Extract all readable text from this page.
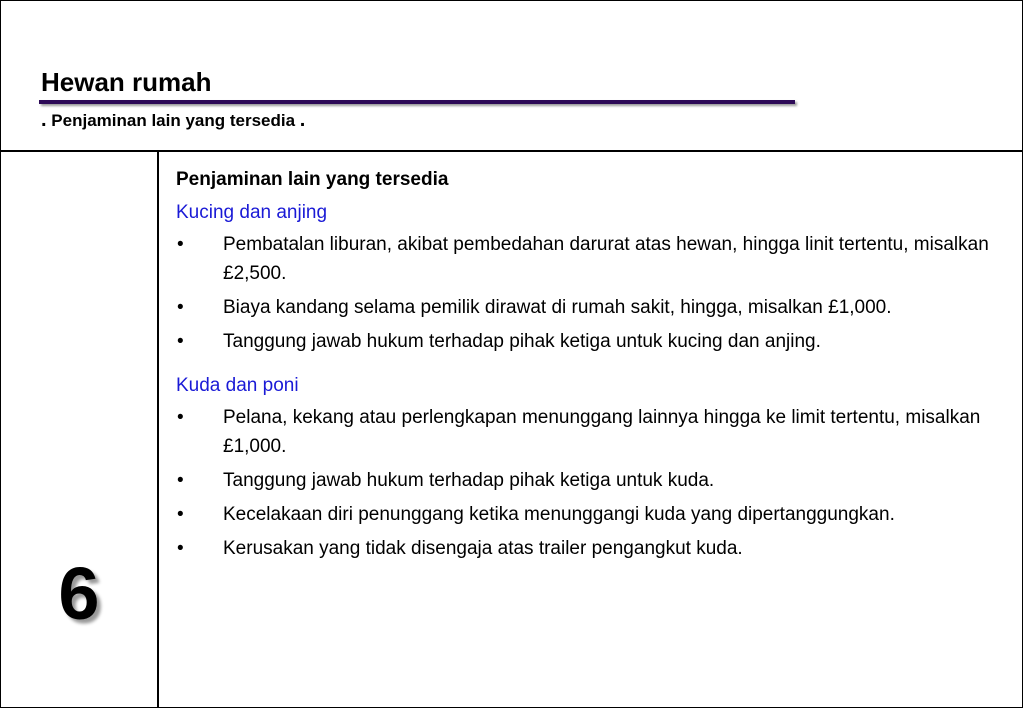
Hewan rumah
. Penjaminan lain yang tersedia .
6
Penjaminan lain yang tersedia
Kucing dan anjing
• Pembatalan liburan, akibat pembedahan darurat atas hewan, hingga linit tertentu, misalkan £2,500.
• Biaya kandang selama pemilik dirawat di rumah sakit, hingga, misalkan £1,000.
• Tanggung jawab hukum terhadap pihak ketiga untuk kucing dan anjing.
Kuda dan poni
• Pelana, kekang atau perlengkapan menunggang lainnya hingga ke limit tertentu, misalkan £1,000.
• Tanggung jawab hukum terhadap pihak ketiga untuk kuda.
• Kecelakaan diri penunggang ketika menunggangi kuda yang dipertanggungkan.
• Kerusakan yang tidak disengaja atas trailer pengangkut kuda.
